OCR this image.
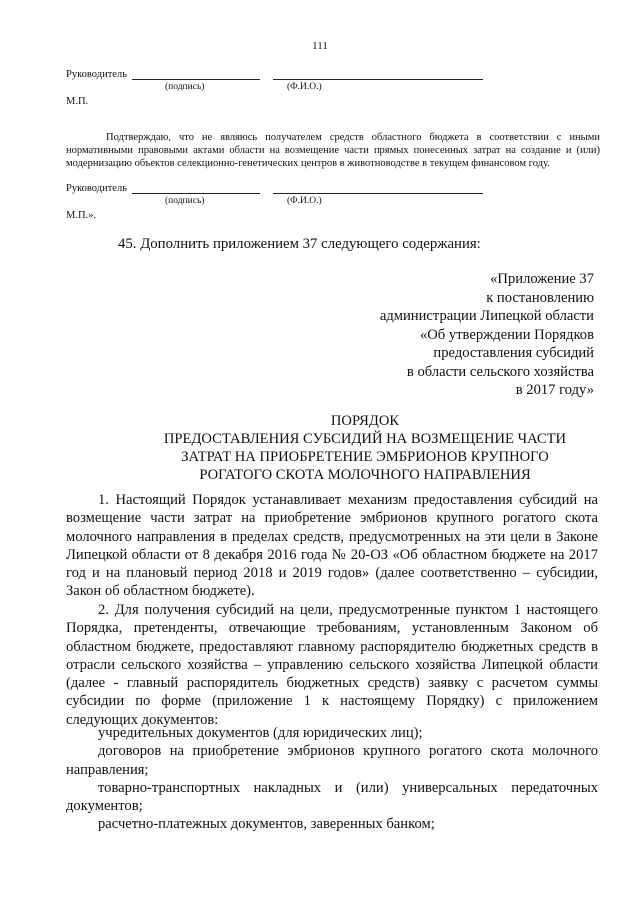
111
Руководитель
(подпись)	(Ф.И.О.)
М.П.
Подтверждаю, что не являюсь получателем средств областного бюджета в соответствии с иными нормативными правовыми актами области на возмещение части прямых понесенных затрат на создание и (или) модернизацию объектов селекционно-генетических центров в животноводстве в текущем финансовом году.
Руководитель
(подпись)	(Ф.И.О.)
М.П.».
45. Дополнить приложением 37 следующего содержания:
«Приложение 37
к постановлению
администрации Липецкой области
«Об утверждении Порядков
предоставления субсидий
в области сельского хозяйства
в 2017 году»
ПОРЯДОК
ПРЕДОСТАВЛЕНИЯ СУБСИДИЙ НА ВОЗМЕЩЕНИЕ ЧАСТИ
ЗАТРАТ НА ПРИОБРЕТЕНИЕ ЭМБРИОНОВ КРУПНОГО
РОГАТОГО СКОТА МОЛОЧНОГО НАПРАВЛЕНИЯ
1. Настоящий Порядок устанавливает механизм предоставления субсидий на возмещение части затрат на приобретение эмбрионов крупного рогатого скота молочного направления в пределах средств, предусмотренных на эти цели в Законе Липецкой области от 8 декабря 2016 года № 20-ОЗ «Об областном бюджете на 2017 год и на плановый период 2018 и 2019 годов» (далее соответственно – субсидии, Закон об областном бюджете).
2. Для получения субсидий на цели, предусмотренные пунктом 1 настоящего Порядка, претенденты, отвечающие требованиям, установленным Законом об областном бюджете, предоставляют главному распорядителю бюджетных средств в отрасли сельского хозяйства – управлению сельского хозяйства Липецкой области (далее - главный распорядитель бюджетных средств) заявку с расчетом суммы субсидии по форме (приложение 1 к настоящему Порядку) с приложением следующих документов:
учредительных документов (для юридических лиц);
договоров на приобретение эмбрионов крупного рогатого скота молочного направления;
товарно-транспортных накладных и (или) универсальных передаточных документов;
расчетно-платежных документов, заверенных банком;
